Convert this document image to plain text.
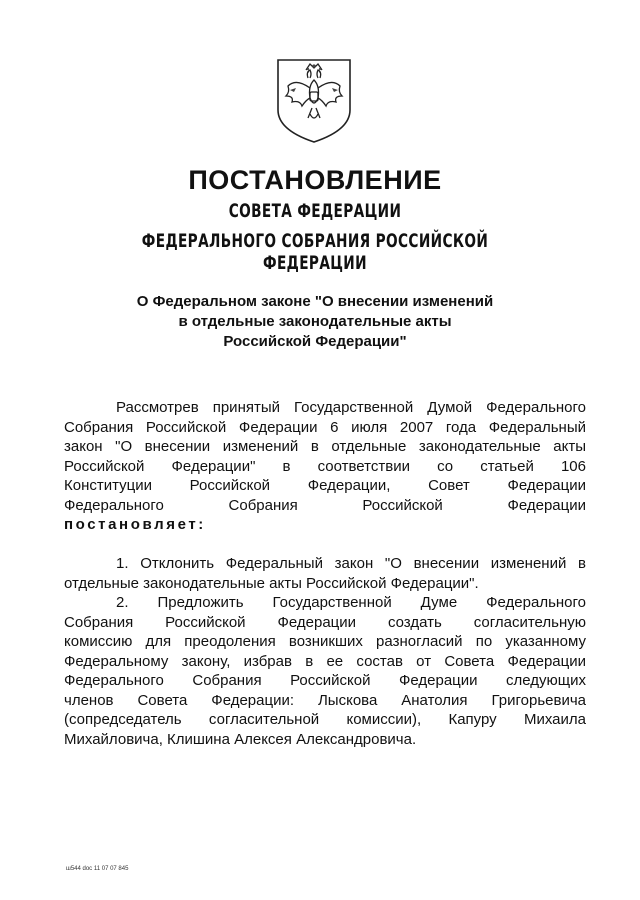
ПОСТАНОВЛЕНИЕ
СОВЕТА ФЕДЕРАЦИИ
ФЕДЕРАЛЬНОГО СОБРАНИЯ РОССИЙСКОЙ ФЕДЕРАЦИИ
О Федеральном законе "О внесении изменений
в отдельные законодательные акты
Российской Федерации"
Рассмотрев принятый Государственной Думой Федерального
Собрания Российской Федерации 6 июля 2007 года Федеральный
закон "О внесении изменений в отдельные законодательные акты
Российской Федерации" в соответствии со статьей 106
Конституции Российской Федерации, Совет Федерации
Федерального Собрания Российской Федерации
постановляет:
1. Отклонить Федеральный закон "О внесении изменений в
отдельные законодательные акты Российской Федерации".
2. Предложить Государственной Думе Федерального
Собрания Российской Федерации создать согласительную
комиссию для преодоления возникших разногласий по указанному
Федеральному закону, избрав в ее состав от Совета Федерации
Федерального Собрания Российской Федерации следующих
членов Совета Федерации: Лыскова Анатолия Григорьевича
(сопредседатель согласительной комиссии), Капуру Михаила
Михайловича, Клишина Алексея Александровича.
ш544 doc 11 07 07 845
